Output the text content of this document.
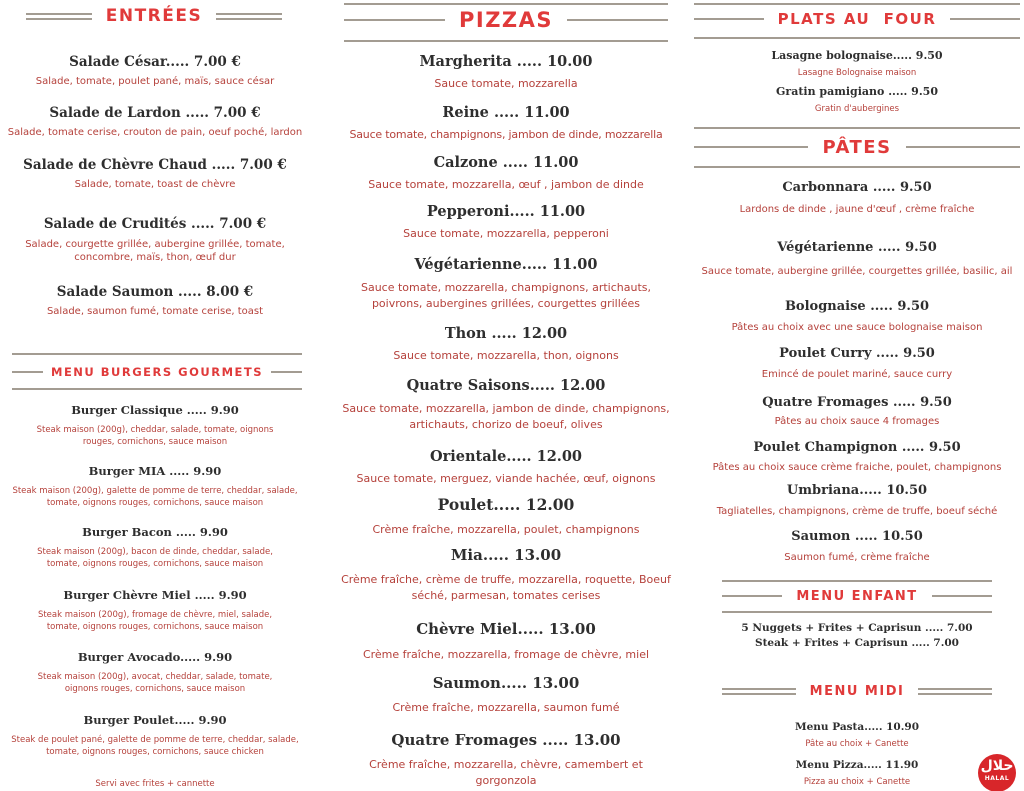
ENTRÉES
Salade César..... 7.00 €
Salade, tomate, poulet pané, maïs, sauce césar
Salade de Lardon ..... 7.00 €
Salade, tomate cerise, crouton de pain, oeuf poché, lardon
Salade de Chèvre Chaud ..... 7.00 €
Salade, tomate, toast de chèvre
Salade de Crudités ..... 7.00 €
Salade, courgette grillée, aubergine grillée, tomate, concombre, maïs, thon, œuf dur
Salade Saumon ..... 8.00 €
Salade, saumon fumé, tomate cerise, toast
MENU BURGERS GOURMETS
Burger Classique ..... 9.90
Steak maison (200g), cheddar, salade, tomate, oignons rouges, cornichons, sauce maison
Burger MIA ..... 9.90
Steak maison (200g), galette de pomme de terre, cheddar, salade, tomate, oignons rouges, cornichons, sauce maison
Burger Bacon ..... 9.90
Steak maison (200g), bacon de dinde, cheddar, salade, tomate, oignons rouges, cornichons, sauce maison
Burger Chèvre Miel ..... 9.90
Steak maison (200g), fromage de chèvre, miel, salade, tomate, oignons rouges, cornichons, sauce maison
Burger Avocado..... 9.90
Steak maison (200g), avocat, cheddar, salade, tomate, oignons rouges, cornichons, sauce maison
Burger Poulet..... 9.90
Steak de poulet pané, galette de pomme de terre, cheddar, salade, tomate, oignons rouges, cornichons, sauce chicken
Servi avec frites + cannette
PIZZAS
Margherita ..... 10.00
Sauce tomate, mozzarella
Reine ..... 11.00
Sauce tomate, champignons, jambon de dinde, mozzarella
Calzone ..... 11.00
Sauce tomate, mozzarella, œuf , jambon de dinde
Pepperoni..... 11.00
Sauce tomate, mozzarella, pepperoni
Végétarienne..... 11.00
Sauce tomate, mozzarella, champignons, artichauts, poivrons, aubergines grillées, courgettes grillées
Thon ..... 12.00
Sauce tomate, mozzarella, thon, oignons
Quatre Saisons..... 12.00
Sauce tomate, mozzarella, jambon de dinde, champignons, artichauts, chorizo de boeuf, olives
Orientale..... 12.00
Sauce tomate, merguez, viande hachée, œuf, oignons
Poulet..... 12.00
Crème fraîche, mozzarella, poulet, champignons
Mia..... 13.00
Crème fraîche, crème de truffe, mozzarella, roquette, Boeuf séché, parmesan, tomates cerises
Chèvre Miel..... 13.00
Crème fraîche, mozzarella, fromage de chèvre, miel
Saumon..... 13.00
Crème fraîche, mozzarella, saumon fumé
Quatre Fromages ..... 13.00
Crème fraîche, mozzarella, chèvre, camembert et gorgonzola
PLATS AU  FOUR
Lasagne bolognaise..... 9.50
Lasagne Bolognaise maison
Gratin pamigiano ..... 9.50
Gratin d'aubergines
PÂTES
Carbonnara ..... 9.50
Lardons de dinde , jaune d'œuf , crème fraîche
Végétarienne ..... 9.50
Sauce tomate, aubergine grillée, courgettes grillée, basilic, ail
Bolognaise ..... 9.50
Pâtes au choix avec une sauce bolognaise maison
Poulet Curry ..... 9.50
Emincé de poulet mariné, sauce curry
Quatre Fromages ..... 9.50
Pâtes au choix sauce 4 fromages
Poulet Champignon ..... 9.50
Pâtes au choix sauce crème fraiche, poulet, champignons
Umbriana..... 10.50
Tagliatelles, champignons, crème de truffe, boeuf séché
Saumon ..... 10.50
Saumon fumé, crème fraîche
MENU ENFANT
5 Nuggets + Frites + Caprisun ..... 7.00
Steak + Frites + Caprisun ..... 7.00
MENU MIDI
Menu Pasta..... 10.90
Pâte au choix + Canette
Menu Pizza..... 11.90
Pizza au choix + Canette
حلال
HALAL
